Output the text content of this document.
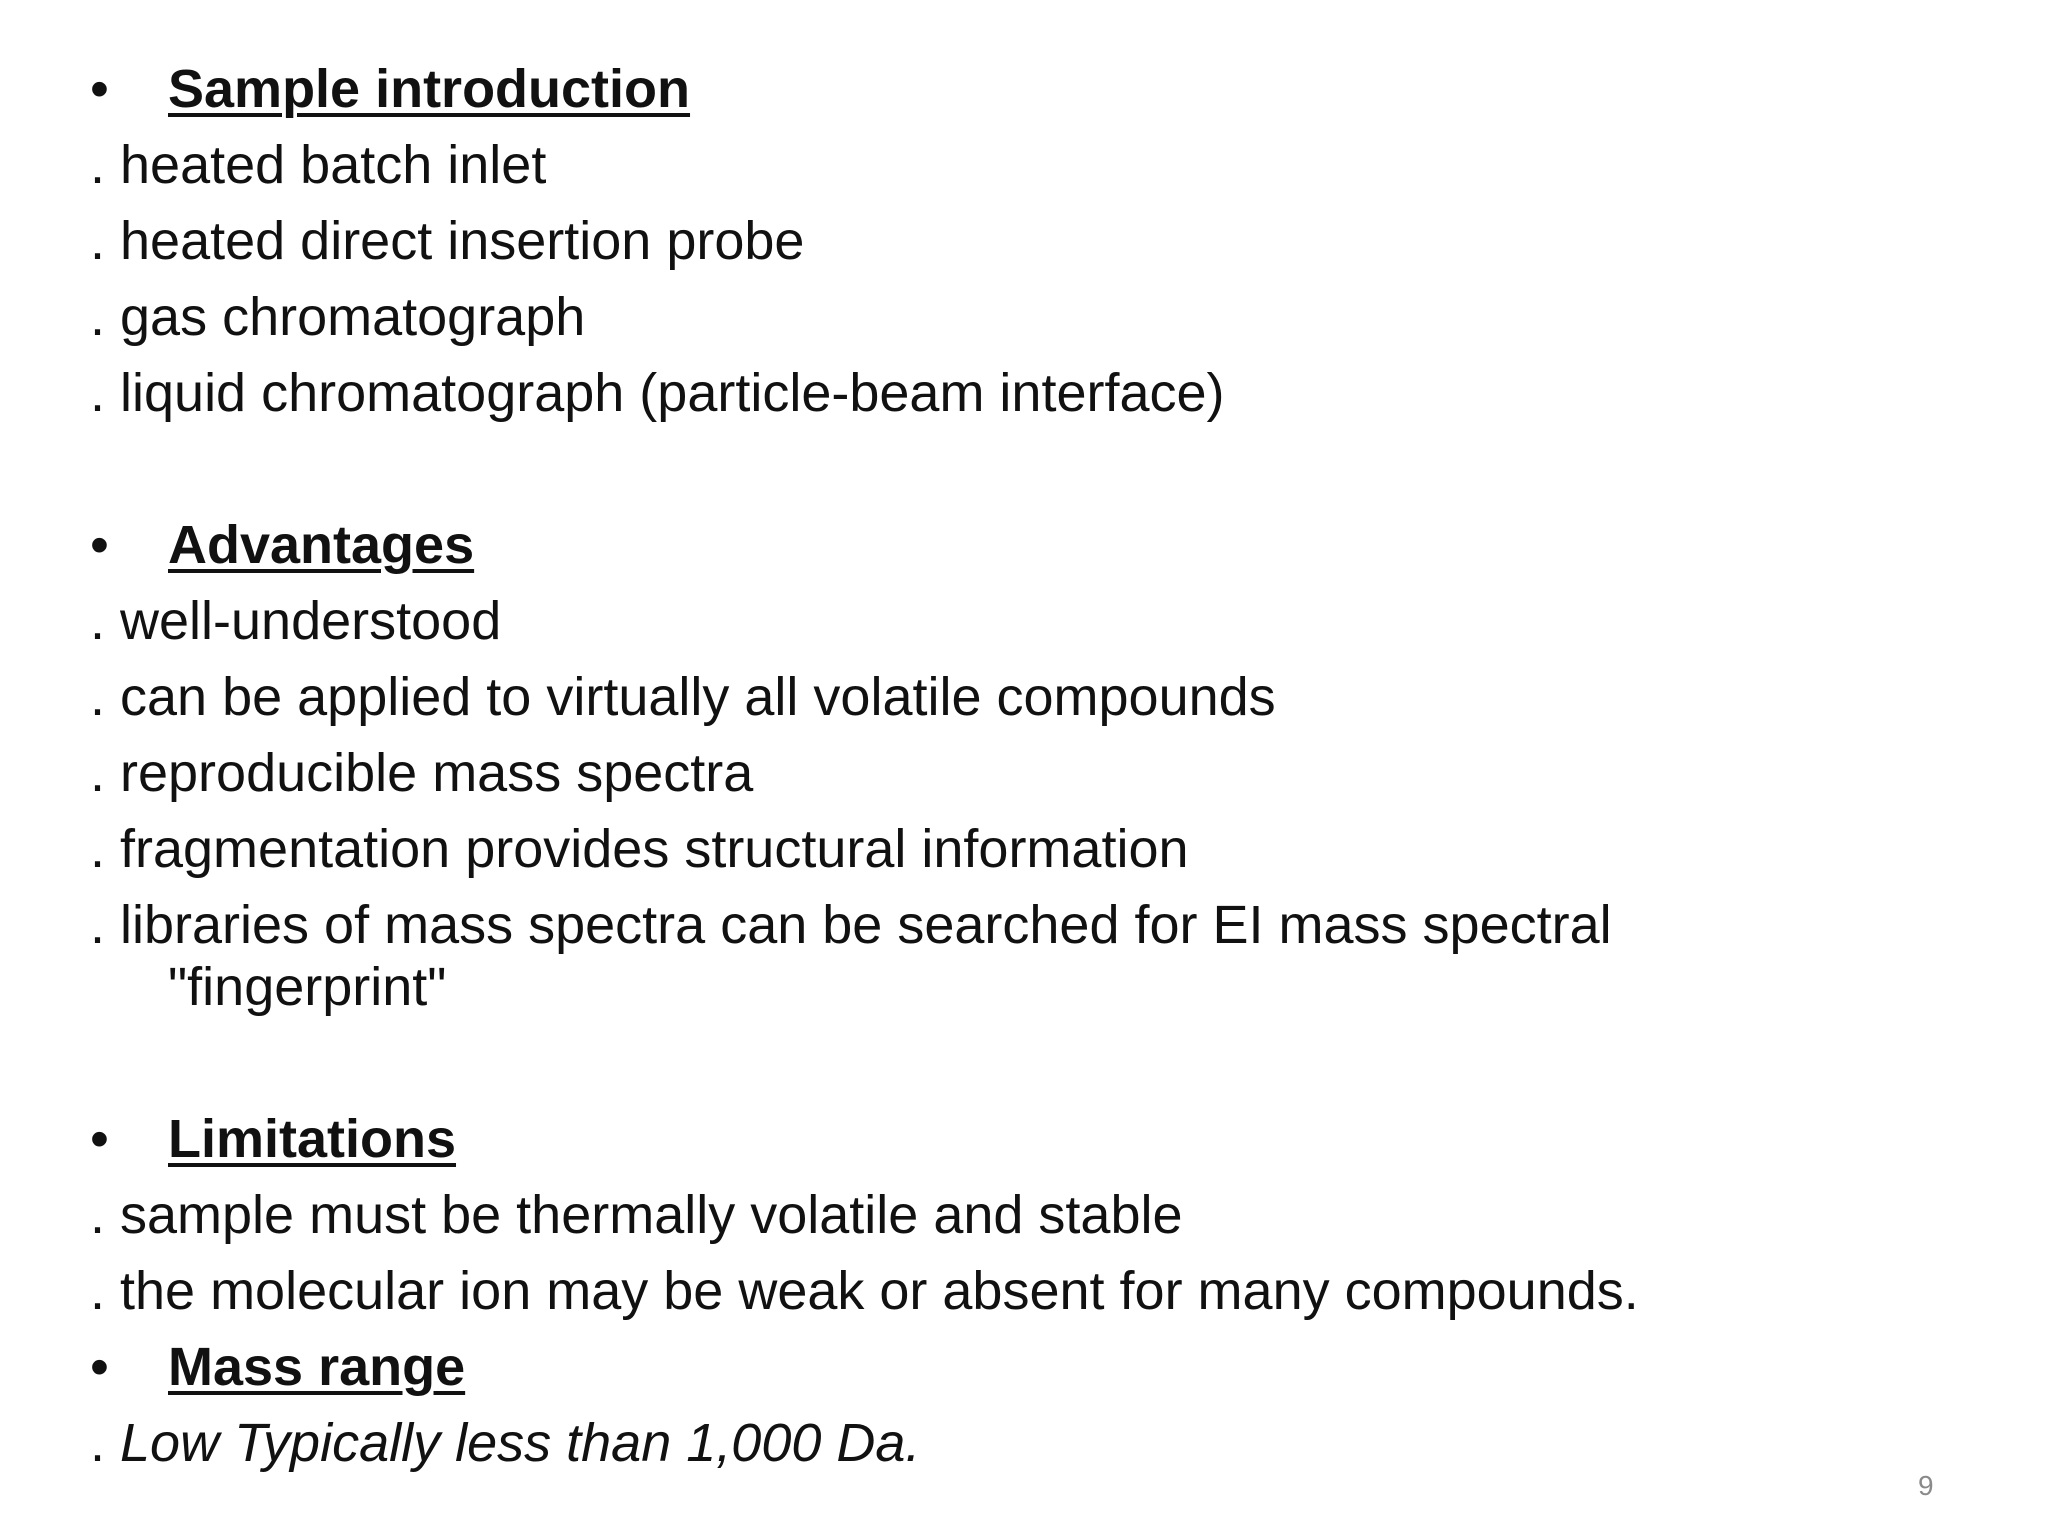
• Sample introduction
. heated batch inlet
. heated direct insertion probe
. gas chromatograph
. liquid chromatograph (particle-beam interface)
• Advantages
. well-understood
. can be applied to virtually all volatile compounds
. reproducible mass spectra
. fragmentation provides structural information
. libraries of mass spectra can be searched for EI mass spectral
"fingerprint"
• Limitations
. sample must be thermally volatile and stable
. the molecular ion may be weak or absent for many compounds.
• Mass range
. Low Typically less than 1,000 Da.
9
